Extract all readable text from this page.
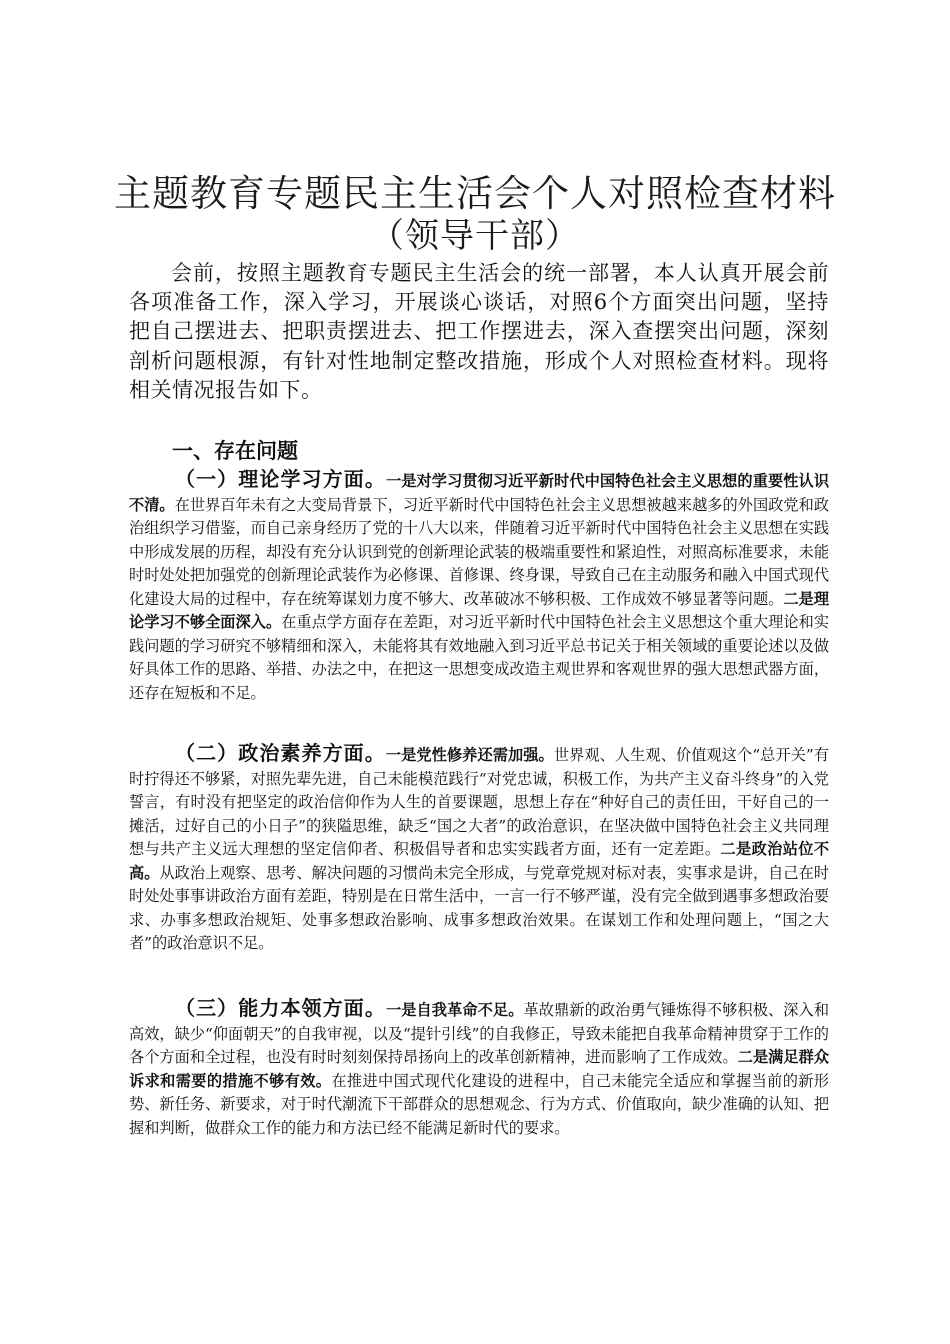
主题教育专题民主生活会个人对照检查材料
（领导干部）

会前，按照主题教育专题民主生活会的统一部署，本人认真开展会前各项准备工作，深入学习，开展谈心谈话，对照6个方面突出问题，坚持把自己摆进去、把职责摆进去、把工作摆进去，深入查摆突出问题，深刻剖析问题根源，有针对性地制定整改措施，形成个人对照检查材料。现将相关情况报告如下。

一、存在问题

（一）理论学习方面。一是对学习贯彻习近平新时代中国特色社会主义思想的重要性认识不清。在世界百年未有之大变局背景下，习近平新时代中国特色社会主义思想被越来越多的外国政党和政治组织学习借鉴，而自己亲身经历了党的十八大以来，伴随着习近平新时代中国特色社会主义思想在实践中形成发展的历程，却没有充分认识到党的创新理论武装的极端重要性和紧迫性，对照高标准要求，未能时时处处把加强党的创新理论武装作为必修课、首修课、终身课，导致自己在主动服务和融入中国式现代化建设大局的过程中，存在统筹谋划力度不够大、改革破冰不够积极、工作成效不够显著等问题。二是理论学习不够全面深入。在重点学方面存在差距，对习近平新时代中国特色社会主义思想这个重大理论和实践问题的学习研究不够精细和深入，未能将其有效地融入到习近平总书记关于相关领域的重要论述以及做好具体工作的思路、举措、办法之中，在把这一思想变成改造主观世界和客观世界的强大思想武器方面，还存在短板和不足。

（二）政治素养方面。一是党性修养还需加强。世界观、人生观、价值观这个“总开关”有时拧得还不够紧，对照先辈先进，自己未能模范践行“对党忠诚，积极工作，为共产主义奋斗终身”的入党誓言，有时没有把坚定的政治信仰作为人生的首要课题，思想上存在“种好自己的责任田，干好自己的一摊活，过好自己的小日子”的狭隘思维，缺乏“国之大者”的政治意识，在坚决做中国特色社会主义共同理想与共产主义远大理想的坚定信仰者、积极倡导者和忠实实践者方面，还有一定差距。二是政治站位不高。从政治上观察、思考、解决问题的习惯尚未完全形成，与党章党规对标对表，实事求是讲，自己在时时处处事事讲政治方面有差距，特别是在日常生活中，一言一行不够严谨，没有完全做到遇事多想政治要求、办事多想政治规矩、处事多想政治影响、成事多想政治效果。在谋划工作和处理问题上，“国之大者”的政治意识不足。

（三）能力本领方面。一是自我革命不足。革故鼎新的政治勇气锤炼得不够积极、深入和高效，缺少“仰面朝天”的自我审视，以及“提针引线”的自我修正，导致未能把自我革命精神贯穿于工作的各个方面和全过程，也没有时时刻刻保持昂扬向上的改革创新精神，进而影响了工作成效。二是满足群众诉求和需要的措施不够有效。在推进中国式现代化建设的进程中，自己未能完全适应和掌握当前的新形势、新任务、新要求，对于时代潮流下干部群众的思想观念、行为方式、价值取向，缺少准确的认知、把握和判断，做群众工作的能力和方法已经不能满足新时代的要求。
